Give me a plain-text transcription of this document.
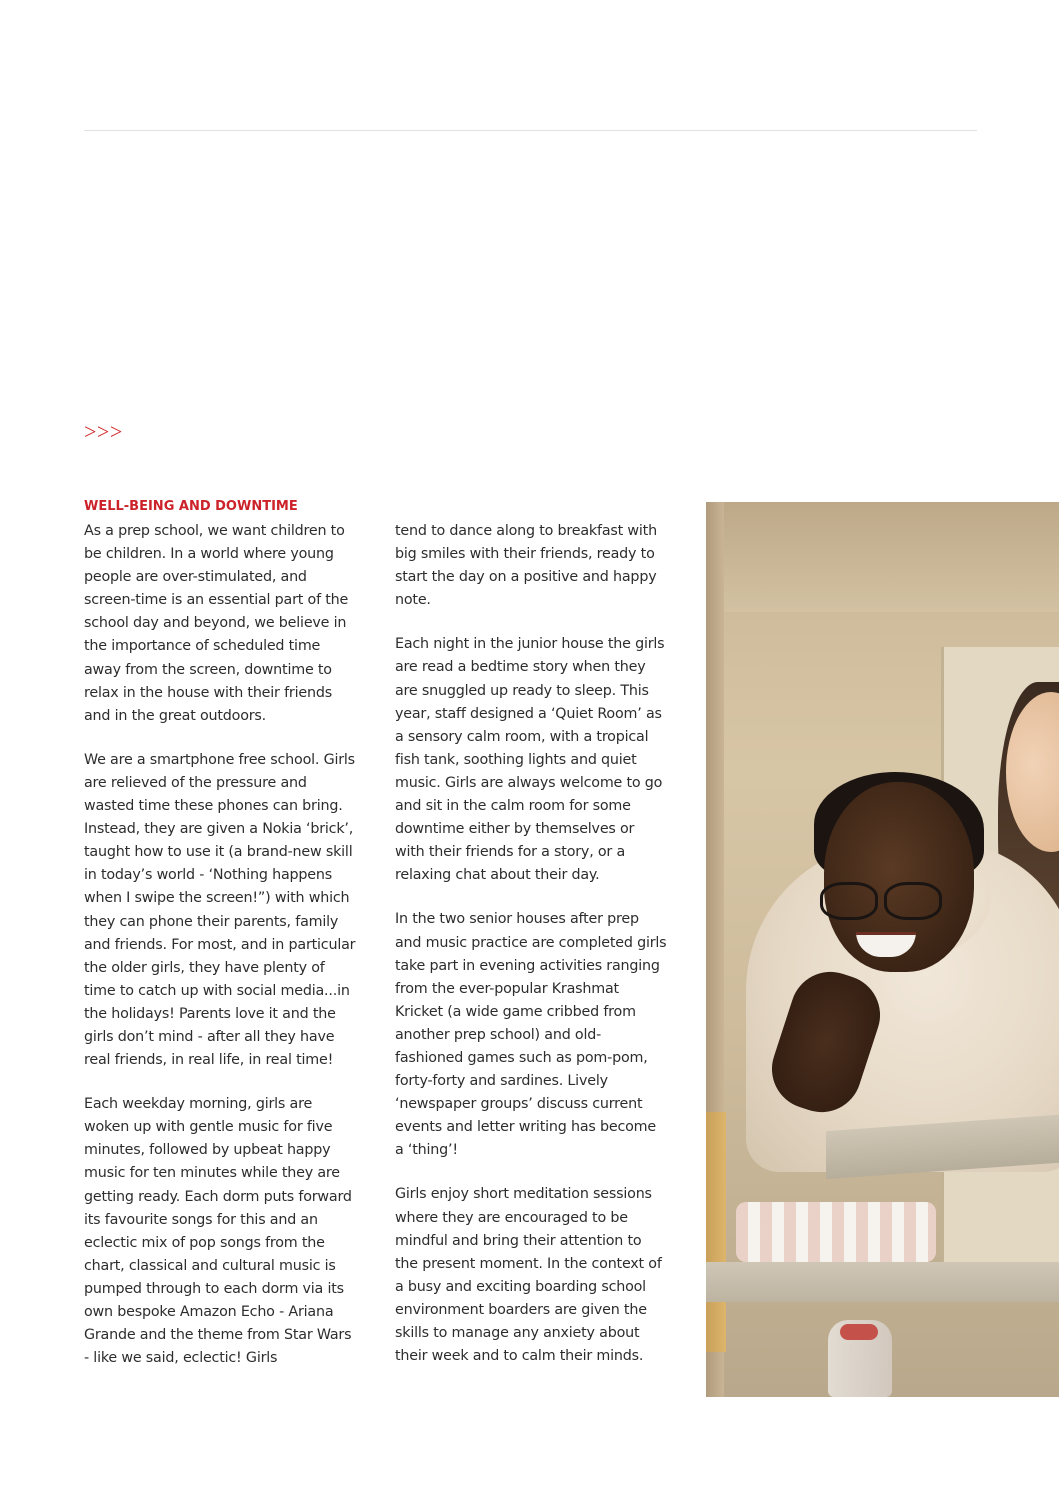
>>>
WELL-BEING AND DOWNTIME

As a prep school, we want children to be children. In a world where young people are over-stimulated, and screen-time is an essential part of the school day and beyond, we believe in the importance of scheduled time away from the screen, downtime to relax in the house with their friends and in the great outdoors.

We are a smartphone free school. Girls are relieved of the pressure and wasted time these phones can bring. Instead, they are given a Nokia ‘brick’, taught how to use it (a brand-new skill in today’s world - ‘Nothing happens when I swipe the screen!”) with which they can phone their parents, family and friends. For most, and in particular the older girls, they have plenty of time to catch up with social media...in the holidays! Parents love it and the girls don’t mind - after all they have real friends, in real life, in real time!

Each weekday morning, girls are woken up with gentle music for five minutes, followed by upbeat happy music for ten minutes while they are getting ready. Each dorm puts forward its favourite songs for this and an eclectic mix of pop songs from the chart, classical and cultural music is pumped through to each dorm via its own bespoke Amazon Echo - Ariana Grande and the theme from Star Wars - like we said, eclectic! Girls

tend to dance along to breakfast with big smiles with their friends, ready to start the day on a positive and happy note.

Each night in the junior house the girls are read a bedtime story when they are snuggled up ready to sleep. This year, staff designed a ‘Quiet Room’ as a sensory calm room, with a tropical fish tank, soothing lights and quiet music. Girls are always welcome to go and sit in the calm room for some downtime either by themselves or with their friends for a story, or a relaxing chat about their day.

In the two senior houses after prep and music practice are completed girls take part in evening activities ranging from the ever-popular Krashmat Kricket (a wide game cribbed from another prep school) and old-fashioned games such as pom-pom, forty-forty and sardines. Lively ‘newspaper groups’ discuss current events and letter writing has become a ‘thing’!

Girls enjoy short meditation sessions where they are encouraged to be mindful and bring their attention to the present moment. In the context of a busy and exciting boarding school environment boarders are given the skills to manage any anxiety about their week and to calm their minds.
